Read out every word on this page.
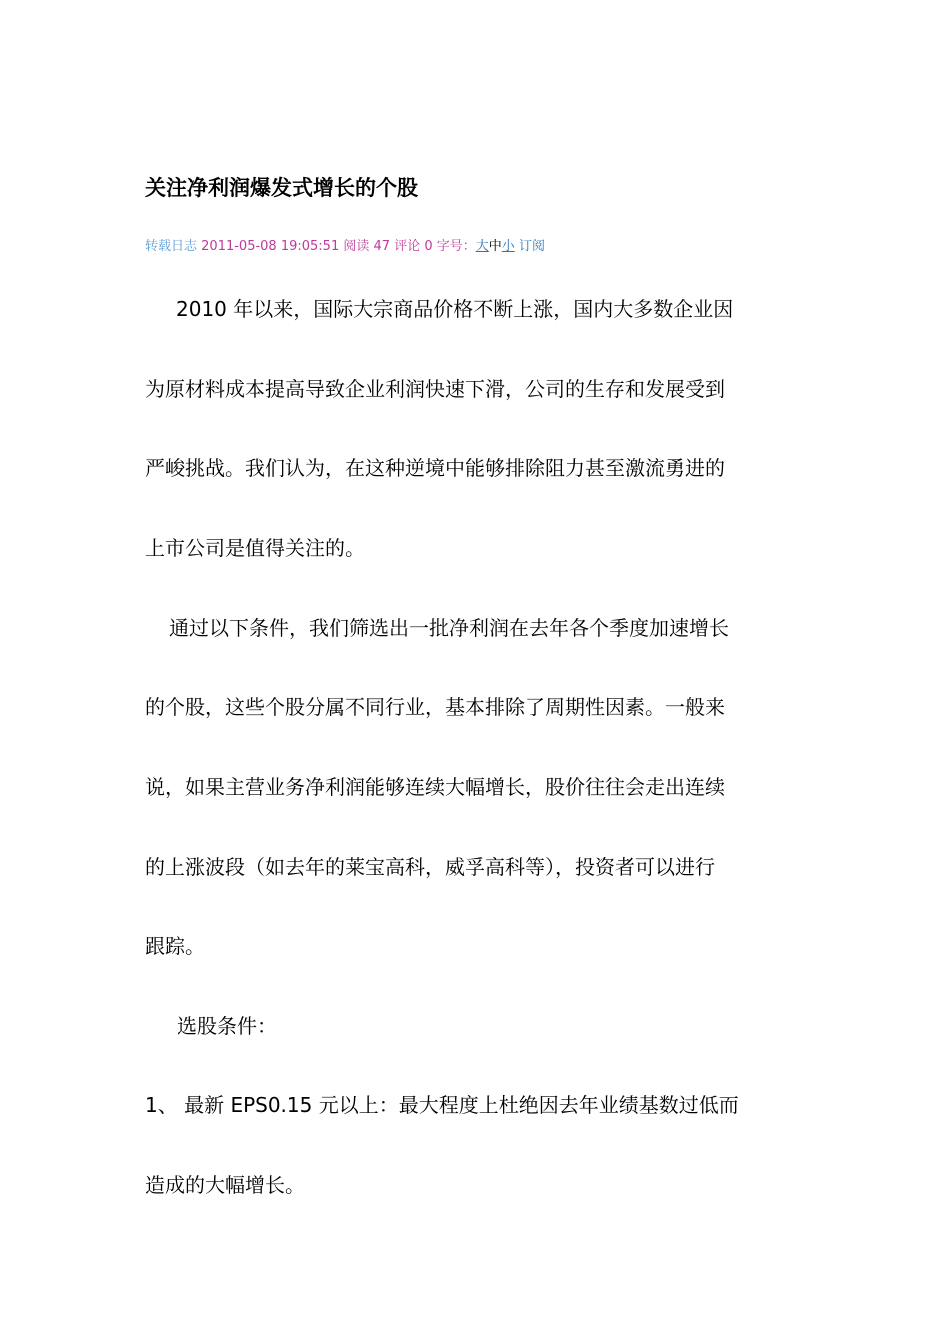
关注净利润爆发式增长的个股
转载日志 2011-05-08 19:05:51 阅读 47 评论 0 字号：大中小 订阅
2010 年以来，国际大宗商品价格不断上涨，国内大多数企业因
为原材料成本提高导致企业利润快速下滑，公司的生存和发展受到
严峻挑战。我们认为，在这种逆境中能够排除阻力甚至激流勇进的
上市公司是值得关注的。
通过以下条件，我们筛选出一批净利润在去年各个季度加速增长
的个股，这些个股分属不同行业，基本排除了周期性因素。一般来
说，如果主营业务净利润能够连续大幅增长，股价往往会走出连续
的上涨波段（如去年的莱宝高科，威孚高科等），投资者可以进行
跟踪。
选股条件：
1、 最新 EPS0.15 元以上：最大程度上杜绝因去年业绩基数过低而
造成的大幅增长。
